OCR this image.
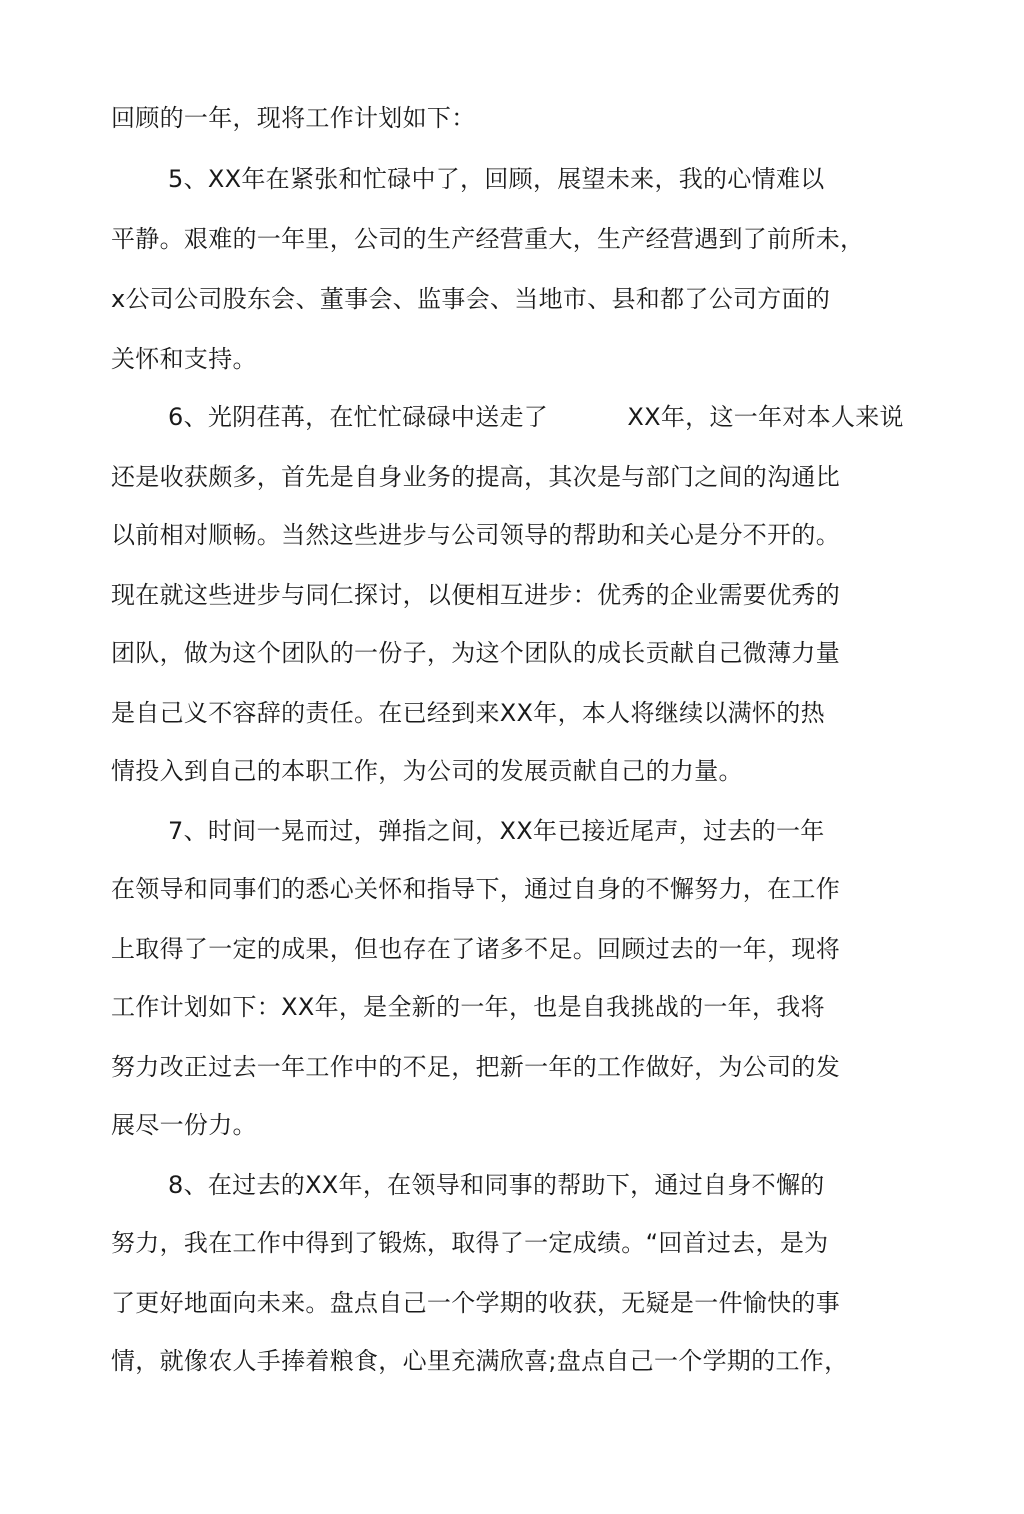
回顾的一年，现将工作计划如下：
5、XX年在紧张和忙碌中了，回顾，展望未来，我的心情难以
平静。艰难的一年里，公司的生产经营重大，生产经营遇到了前所未，
x公司公司股东会、董事会、监事会、当地市、县和都了公司方面的
关怀和支持。
6、光阴荏苒，在忙忙碌碌中送走了          XX年，这一年对本人来说
还是收获颇多，首先是自身业务的提高，其次是与部门之间的沟通比
以前相对顺畅。当然这些进步与公司领导的帮助和关心是分不开的。
现在就这些进步与同仁探讨，以便相互进步：优秀的企业需要优秀的
团队，做为这个团队的一份子，为这个团队的成长贡献自己微薄力量
是自己义不容辞的责任。在已经到来XX年，本人将继续以满怀的热
情投入到自己的本职工作，为公司的发展贡献自己的力量。
7、时间一晃而过，弹指之间，XX年已接近尾声，过去的一年
在领导和同事们的悉心关怀和指导下，通过自身的不懈努力，在工作
上取得了一定的成果，但也存在了诸多不足。回顾过去的一年，现将
工作计划如下：XX年，是全新的一年，也是自我挑战的一年，我将
努力改正过去一年工作中的不足，把新一年的工作做好，为公司的发
展尽一份力。
8、在过去的XX年，在领导和同事的帮助下，通过自身不懈的
努力，我在工作中得到了锻炼，取得了一定成绩。“回首过去，是为
了更好地面向未来。盘点自己一个学期的收获，无疑是一件愉快的事
情，就像农人手捧着粮食，心里充满欣喜;盘点自己一个学期的工作，
